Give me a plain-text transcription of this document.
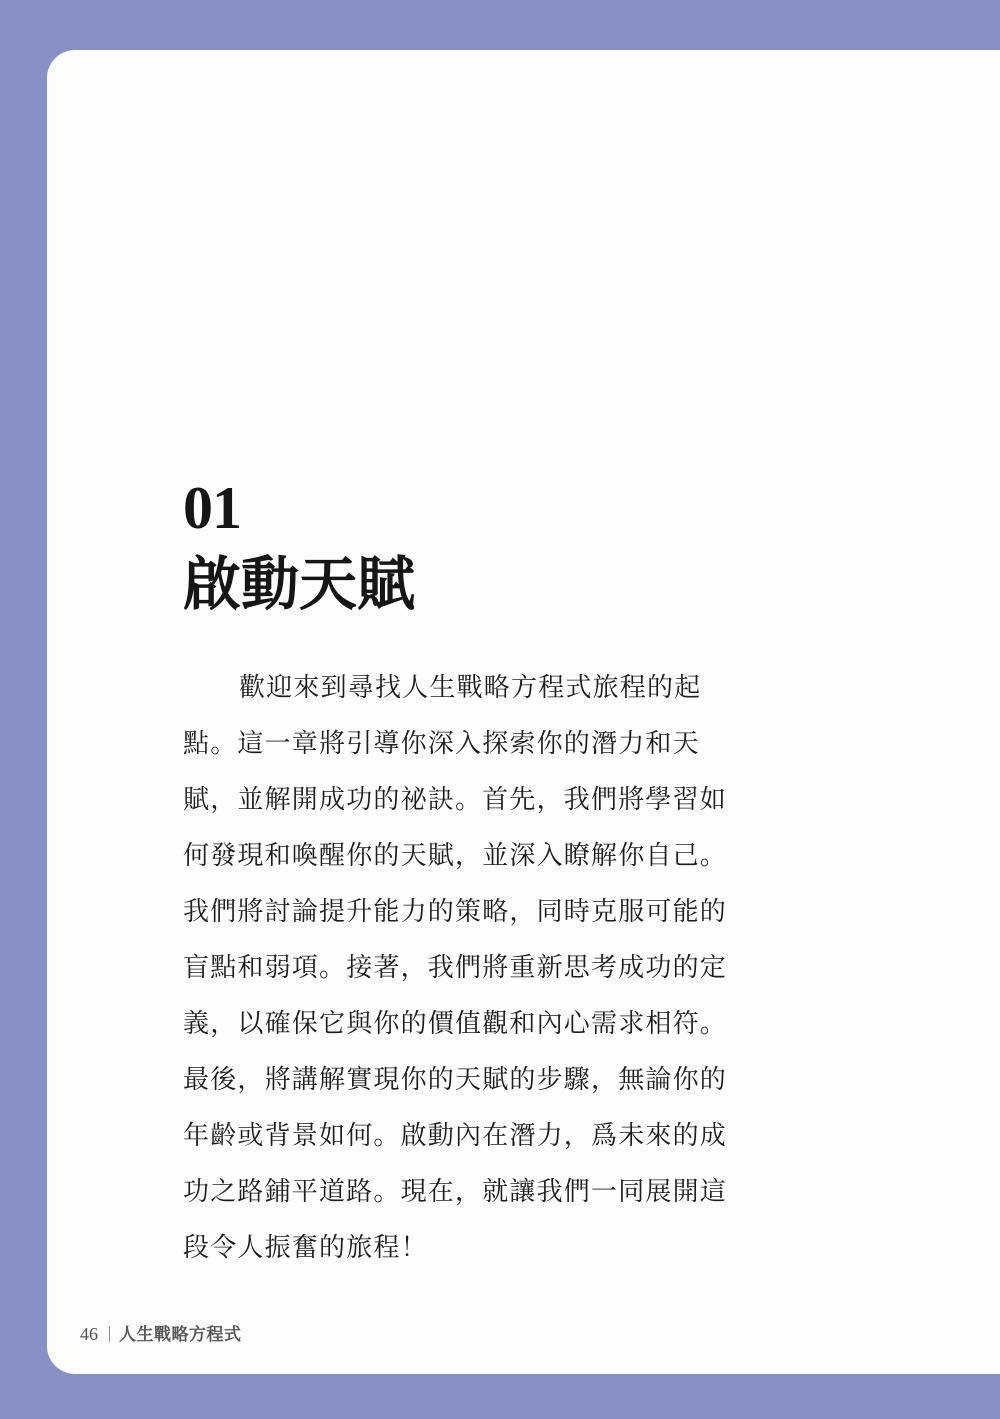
01
啟動天賦
歡迎來到尋找人生戰略方程式旅程的起
點。這一章將引導你深入探索你的潛力和天
賦，並解開成功的祕訣。首先，我們將學習如
何發現和喚醒你的天賦，並深入瞭解你自己。
我們將討論提升能力的策略，同時克服可能的
盲點和弱項。接著，我們將重新思考成功的定
義，以確保它與你的價值觀和內心需求相符。
最後，將講解實現你的天賦的步驟，無論你的
年齡或背景如何。啟動內在潛力，爲未來的成
功之路鋪平道路。現在，就讓我們一同展開這
段令人振奮的旅程！
46 人生戰略方程式
